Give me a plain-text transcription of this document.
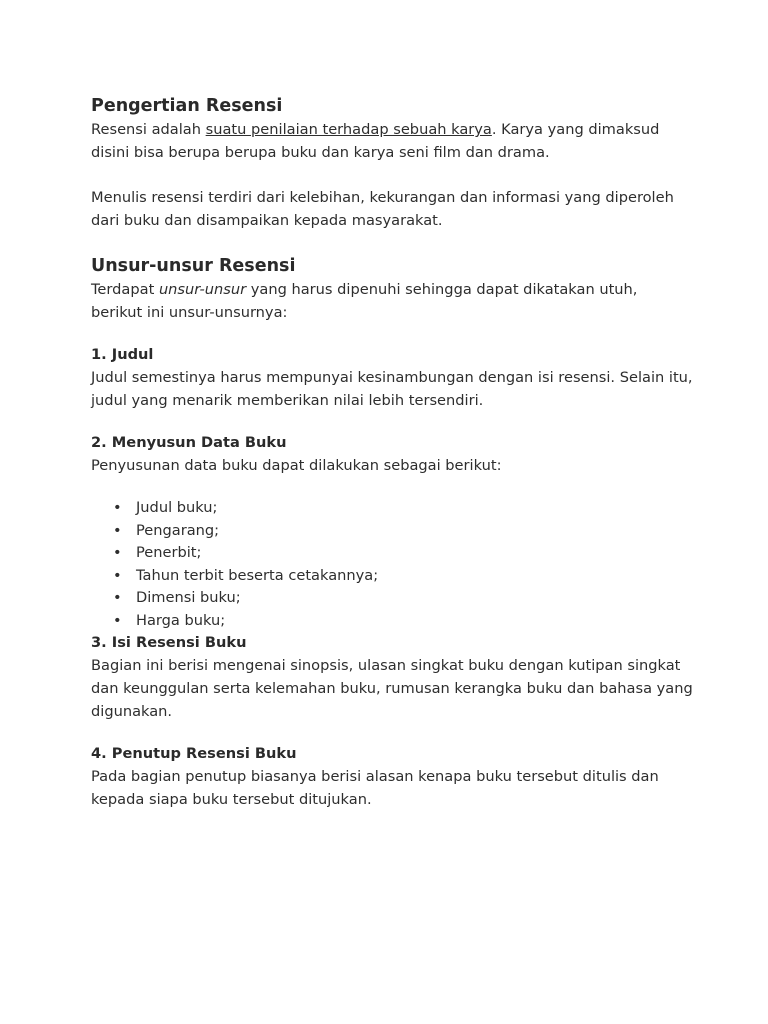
Pengertian Resensi
Resensi adalah suatu penilaian terhadap sebuah karya. Karya yang dimaksud
disini bisa berupa berupa buku dan karya seni film dan drama.
Menulis resensi terdiri dari kelebihan, kekurangan dan informasi yang diperoleh
dari buku dan disampaikan kepada masyarakat.
Unsur-unsur Resensi
Terdapat unsur-unsur yang harus dipenuhi sehingga dapat dikatakan utuh,
berikut ini unsur-unsurnya:
1. Judul
Judul semestinya harus mempunyai kesinambungan dengan isi resensi. Selain itu,
judul yang menarik memberikan nilai lebih tersendiri.
2. Menyusun Data Buku
Penyusunan data buku dapat dilakukan sebagai berikut:
• Judul buku;
• Pengarang;
• Penerbit;
• Tahun terbit beserta cetakannya;
• Dimensi buku;
• Harga buku;
3. Isi Resensi Buku
Bagian ini berisi mengenai sinopsis, ulasan singkat buku dengan kutipan singkat
dan keunggulan serta kelemahan buku, rumusan kerangka buku dan bahasa yang
digunakan.
4. Penutup Resensi Buku
Pada bagian penutup biasanya berisi alasan kenapa buku tersebut ditulis dan
kepada siapa buku tersebut ditujukan.
